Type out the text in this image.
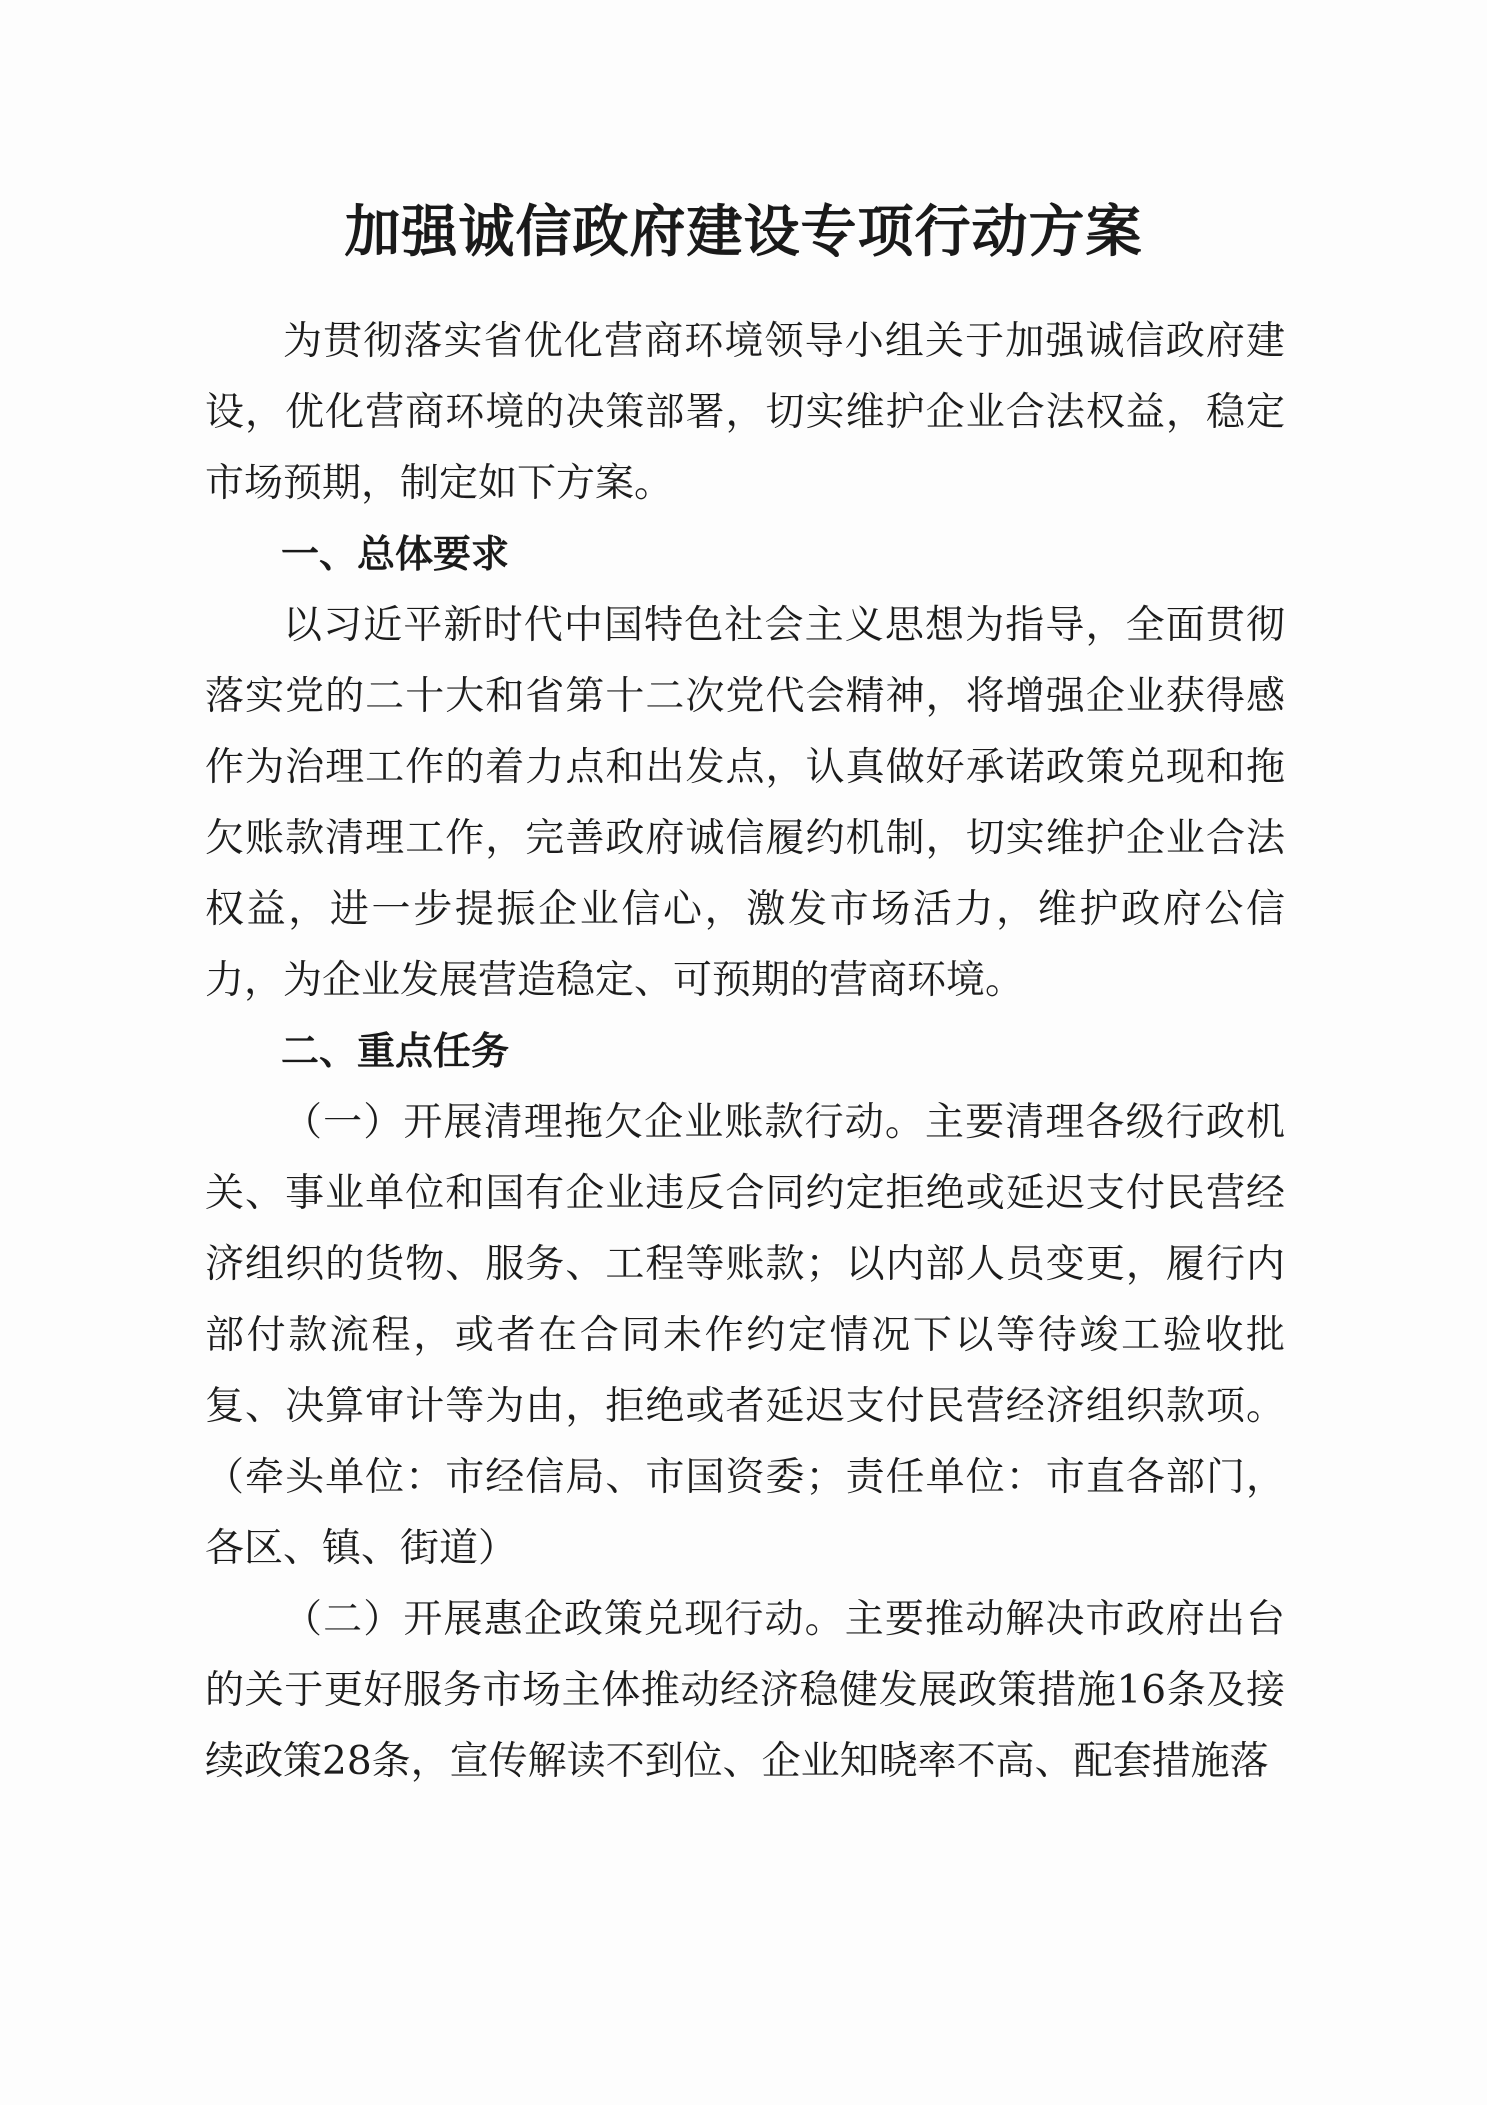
加强诚信政府建设专项行动方案

为贯彻落实省优化营商环境领导小组关于加强诚信政府建设，优化营商环境的决策部署，切实维护企业合法权益，稳定市场预期，制定如下方案。

一、总体要求

以习近平新时代中国特色社会主义思想为指导，全面贯彻落实党的二十大和省第十二次党代会精神，将增强企业获得感作为治理工作的着力点和出发点，认真做好承诺政策兑现和拖欠账款清理工作，完善政府诚信履约机制，切实维护企业合法权益，进一步提振企业信心，激发市场活力，维护政府公信力，为企业发展营造稳定、可预期的营商环境。

二、重点任务

（一）开展清理拖欠企业账款行动。主要清理各级行政机关、事业单位和国有企业违反合同约定拒绝或延迟支付民营经济组织的货物、服务、工程等账款；以内部人员变更，履行内部付款流程，或者在合同未作约定情况下以等待竣工验收批复、决算审计等为由，拒绝或者延迟支付民营经济组织款项。（牵头单位：市经信局、市国资委；责任单位：市直各部门，各区、镇、街道）

（二）开展惠企政策兑现行动。主要推动解决市政府出台的关于更好服务市场主体推动经济稳健发展政策措施16条及接续政策28条，宣传解读不到位、企业知晓率不高、配套措施落
